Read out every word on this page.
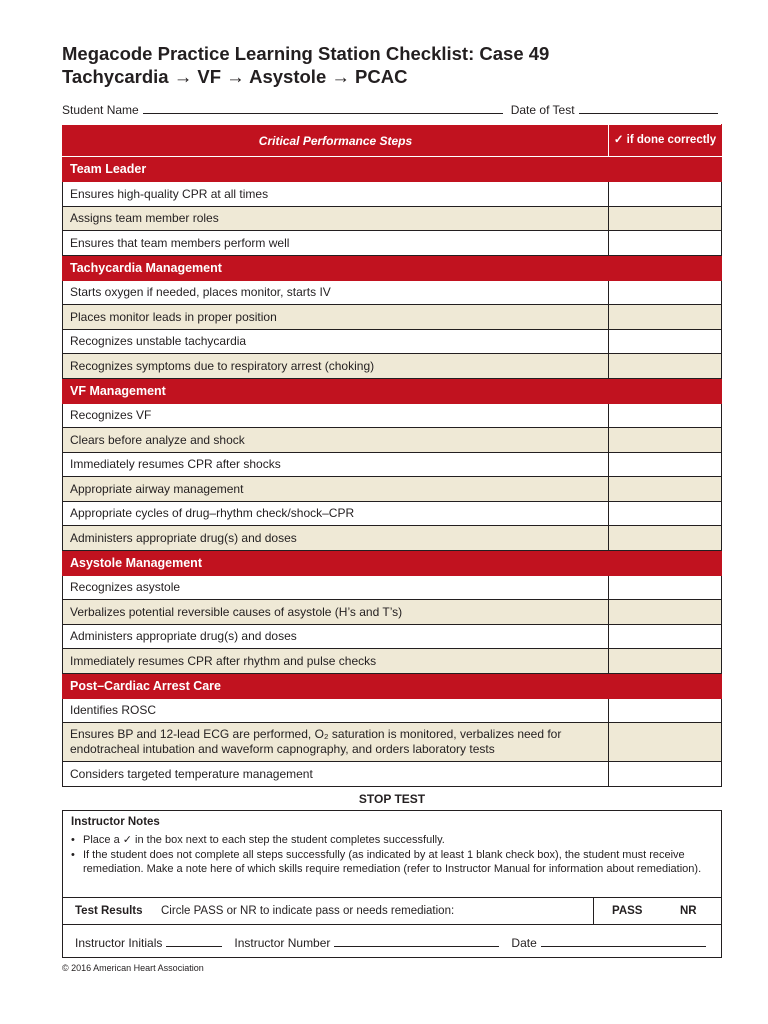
Megacode Practice Learning Station Checklist: Case 49
Tachycardia → VF → Asystole → PCAC
Student Name	Date of Test
Critical Performance Steps	✓ if done correctly
Team Leader	
Ensures high-quality CPR at all times	
Assigns team member roles	
Ensures that team members perform well	
Tachycardia Management	
Starts oxygen if needed, places monitor, starts IV	
Places monitor leads in proper position	
Recognizes unstable tachycardia	
Recognizes symptoms due to respiratory arrest (choking)	
VF Management	
Recognizes VF	
Clears before analyze and shock	
Immediately resumes CPR after shocks	
Appropriate airway management	
Appropriate cycles of drug–rhythm check/shock–CPR	
Administers appropriate drug(s) and doses	
Asystole Management	
Recognizes asystole	
Verbalizes potential reversible causes of asystole (H’s and T’s)	
Administers appropriate drug(s) and doses	
Immediately resumes CPR after rhythm and pulse checks	
Post–Cardiac Arrest Care	
Identifies ROSC	
Ensures BP and 12-lead ECG are performed, O₂ saturation is monitored, verbalizes need for endotracheal intubation and waveform capnography, and orders laboratory tests	
Considers targeted temperature management	
STOP TEST
Instructor Notes
• Place a ✓ in the box next to each step the student completes successfully.
• If the student does not complete all steps successfully (as indicated by at least 1 blank check box), the student must receive remediation. Make a note here of which skills require remediation (refer to Instructor Manual for information about remediation).
Test Results Circle PASS or NR to indicate pass or needs remediation:	PASS	NR
Instructor Initials	Instructor Number	Date
© 2016 American Heart Association
